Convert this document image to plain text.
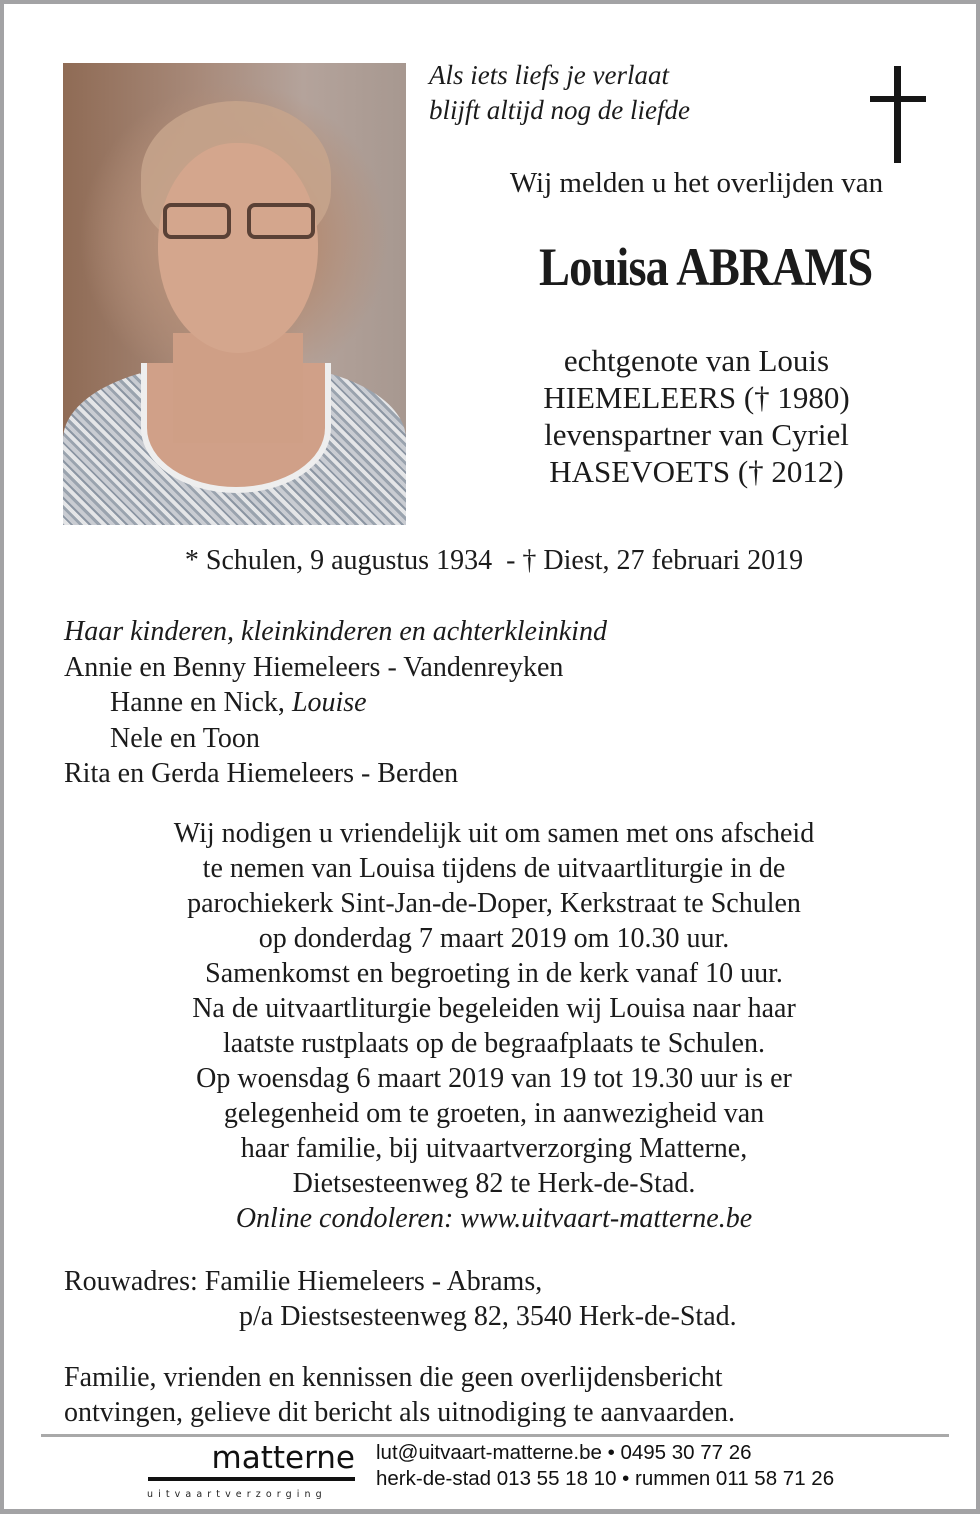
Als iets liefs je verlaat
blijft altijd nog de liefde
Wij melden u het overlijden van
Louisa ABRAMS
echtgenote van Louis
HIEMELEERS († 1980)
levenspartner van Cyriel
HASEVOETS († 2012)
* Schulen, 9 augustus 1934  - † Diest, 27 februari 2019
Haar kinderen, kleinkinderen en achterkleinkind
Annie en Benny Hiemeleers - Vandenreyken
Hanne en Nick, Louise
Nele en Toon
Rita en Gerda Hiemeleers - Berden
Wij nodigen u vriendelijk uit om samen met ons afscheid
te nemen van Louisa tijdens de uitvaartliturgie in de
parochiekerk Sint-Jan-de-Doper, Kerkstraat te Schulen
op donderdag 7 maart 2019 om 10.30 uur.
Samenkomst en begroeting in de kerk vanaf 10 uur.
Na de uitvaartliturgie begeleiden wij Louisa naar haar
laatste rustplaats op de begraafplaats te Schulen.
Op woensdag 6 maart 2019 van 19 tot 19.30 uur is er
gelegenheid om te groeten, in aanwezigheid van
haar familie, bij uitvaartverzorging Matterne,
Dietsesteenweg 82 te Herk-de-Stad.
Online condoleren: www.uitvaart-matterne.be
Rouwadres: Familie Hiemeleers - Abrams,
p/a Diestsesteenweg 82, 3540 Herk-de-Stad.
Familie, vrienden en kennissen die geen overlijdensbericht
ontvingen, gelieve dit bericht als uitnodiging te aanvaarden.
matterne
uitvaartverzorging
lut@uitvaart-matterne.be • 0495 30 77 26
herk-de-stad 013 55 18 10 • rummen 011 58 71 26
